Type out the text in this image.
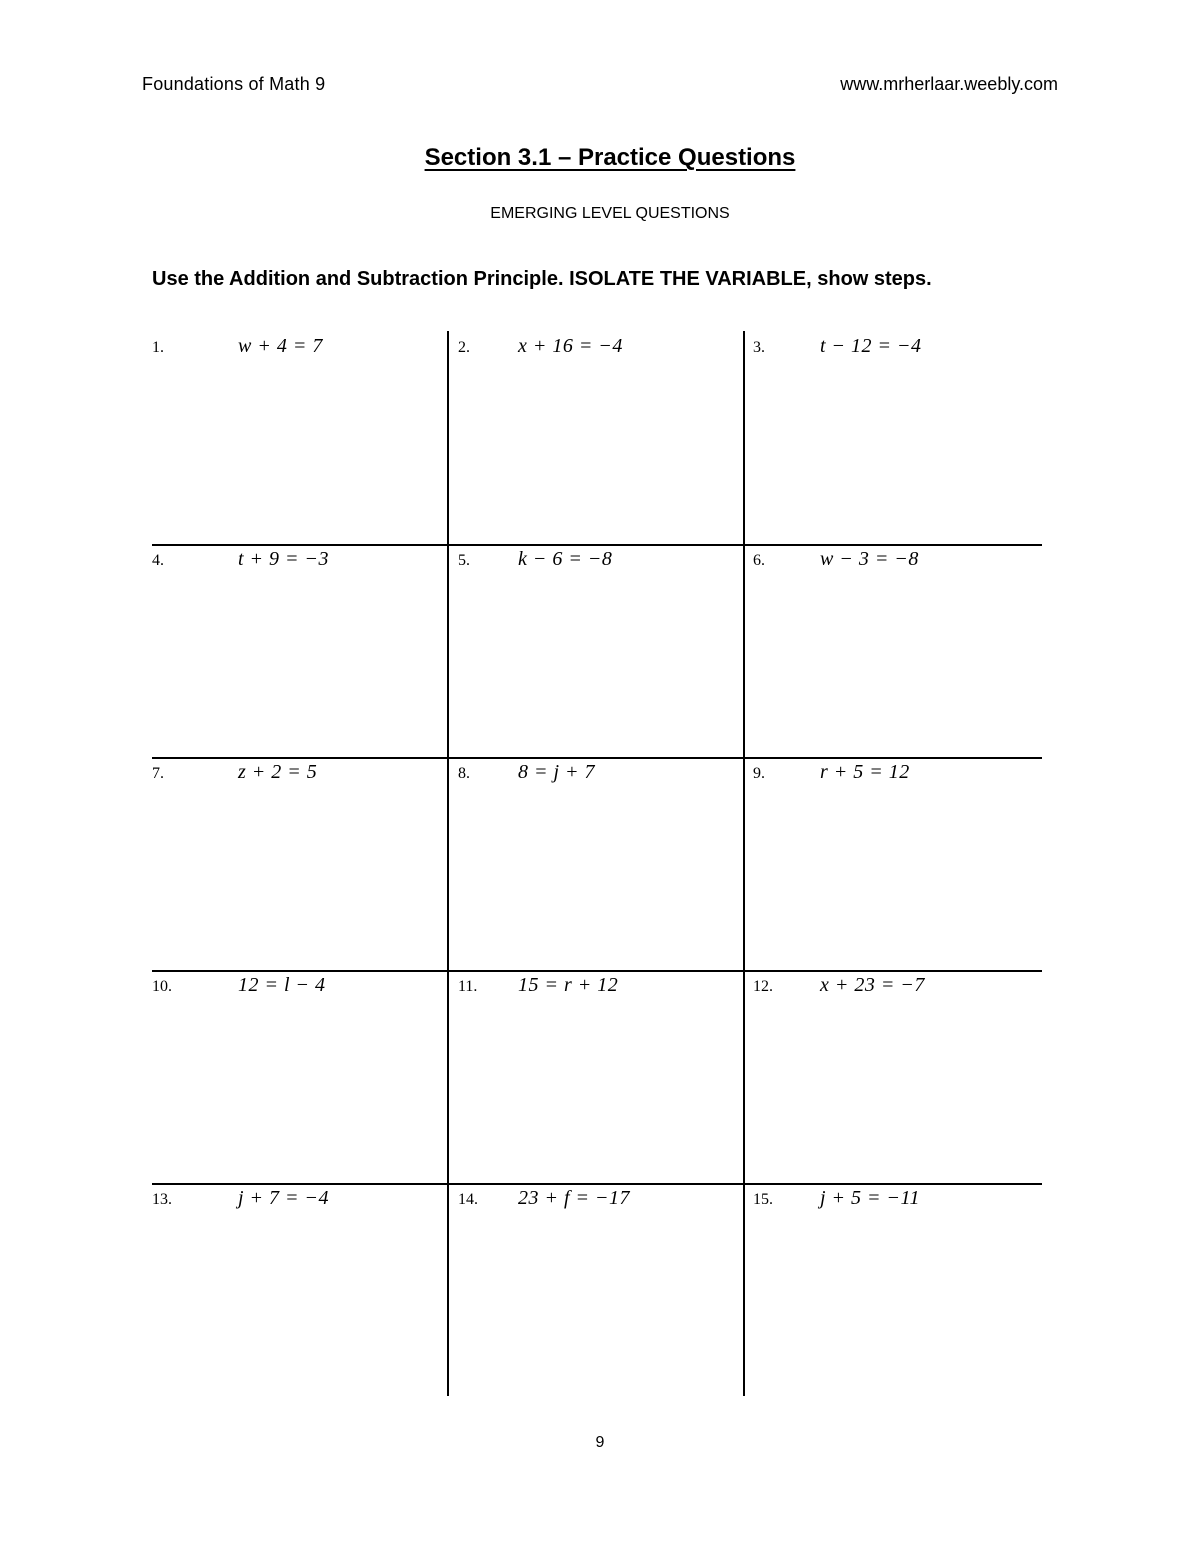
Foundations of Math 9	www.mrherlaar.weebly.com
Section 3.1 – Practice Questions
EMERGING LEVEL QUESTIONS
Use the Addition and Subtraction Principle. ISOLATE THE VARIABLE, show steps.
1.	w + 4 = 7	2. x + 16 = −4	3.	t − 12 = −4
4.	t + 9 = −3	5. k − 6 = −8	6.	w − 3 = −8
7.	z + 2 = 5	8. 8 = j + 7	9.	r + 5 = 12
10.	12 = l − 4	11. 15 = r + 12	12. x + 23 = −7
13.	j + 7 = −4	14. 23 + f = −17	15. j + 5 = −11
9
